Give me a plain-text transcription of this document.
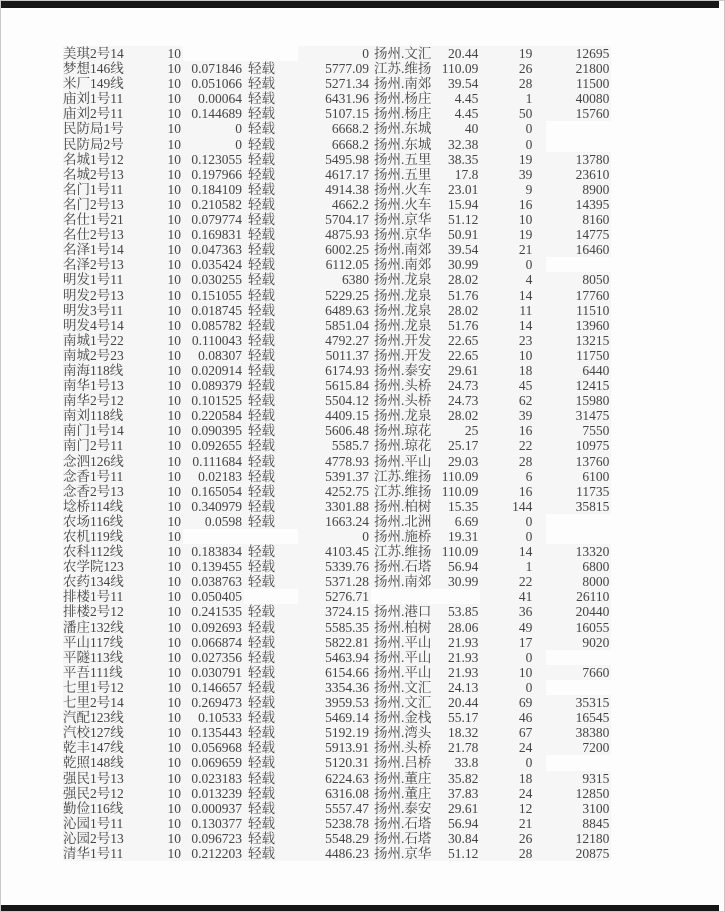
美琪2号14	10			0	扬州.文汇	20.44	19	12695
梦想146线	10	0.071846	轻载	5777.09	江苏.维扬	110.09	26	21800
米厂149线	10	0.051066	轻载	5271.34	扬州.南郊	39.54	28	11500
庙刘1号11	10	0.00064	轻载	6431.96	扬州.杨庄	4.45	1	40080
庙刘2号11	10	0.144689	轻载	5107.15	扬州.杨庄	4.45	50	15760
民防局1号	10	0	轻载	6668.2	扬州.东城	40	0	
民防局2号	10	0	轻载	6668.2	扬州.东城	32.38	0	
名城1号12	10	0.123055	轻载	5495.98	扬州.五里	38.35	19	13780
名城2号13	10	0.197966	轻载	4617.17	扬州.五里	17.8	39	23610
名门1号11	10	0.184109	轻载	4914.38	扬州.火车	23.01	9	8900
名门2号13	10	0.210582	轻载	4662.2	扬州.火车	15.94	16	14395
名仕1号21	10	0.079774	轻载	5704.17	扬州.京华	51.12	10	8160
名仕2号13	10	0.169831	轻载	4875.93	扬州.京华	50.91	19	14775
名泽1号14	10	0.047363	轻载	6002.25	扬州.南郊	39.54	21	16460
名泽2号13	10	0.035424	轻载	6112.05	扬州.南郊	30.99	0	
明发1号11	10	0.030255	轻载	6380	扬州.龙泉	28.02	4	8050
明发2号13	10	0.151055	轻载	5229.25	扬州.龙泉	51.76	14	17760
明发3号11	10	0.018745	轻载	6489.63	扬州.龙泉	28.02	11	11510
明发4号14	10	0.085782	轻载	5851.04	扬州.龙泉	51.76	14	13960
南城1号22	10	0.110043	轻载	4792.27	扬州.开发	22.65	23	13215
南城2号23	10	0.08307	轻载	5011.37	扬州.开发	22.65	10	11750
南海118线	10	0.020914	轻载	6174.93	扬州.泰安	29.61	18	6440
南华1号13	10	0.089379	轻载	5615.84	扬州.头桥	24.73	45	12415
南华2号12	10	0.101525	轻载	5504.12	扬州.头桥	24.73	62	15980
南刘118线	10	0.220584	轻载	4409.15	扬州.龙泉	28.02	39	31475
南门1号14	10	0.090395	轻载	5606.48	扬州.琼花	25	16	7550
南门2号11	10	0.092655	轻载	5585.7	扬州.琼花	25.17	22	10975
念泗126线	10	0.111684	轻载	4778.93	扬州.平山	29.03	28	13760
念香1号11	10	0.02183	轻载	5391.37	江苏.维扬	110.09	6	6100
念香2号13	10	0.165054	轻载	4252.75	江苏.维扬	110.09	16	11735
埝桥114线	10	0.340979	轻载	3301.88	扬州.柏树	15.35	144	35815
农场116线	10	0.0598	轻载	1663.24	扬州.北洲	6.69	0	
农机119线	10			0	扬州.施桥	19.31	0	
农科112线	10	0.183834	轻载	4103.45	江苏.维扬	110.09	14	13320
农学院123	10	0.139455	轻载	5339.76	扬州.石塔	56.94	1	6800
农药134线	10	0.038763	轻载	5371.28	扬州.南郊	30.99	22	8000
排楼1号11	10	0.050405		5276.71			41	26110
排楼2号12	10	0.241535	轻载	3724.15	扬州.港口	53.85	36	20440
潘庄132线	10	0.092693	轻载	5585.35	扬州.柏树	28.06	49	16055
平山117线	10	0.066874	轻载	5822.81	扬州.平山	21.93	17	9020
平隧113线	10	0.027356	轻载	5463.94	扬州.平山	21.93	0	
平吾111线	10	0.030791	轻载	6154.66	扬州.平山	21.93	10	7660
七里1号12	10	0.146657	轻载	3354.36	扬州.文汇	24.13	0	
七里2号14	10	0.269473	轻载	3959.53	扬州.文汇	20.44	69	35315
汽配123线	10	0.10533	轻载	5469.14	扬州.金栈	55.17	46	16545
汽校127线	10	0.135443	轻载	5192.19	扬州.湾头	18.32	67	38380
乾丰147线	10	0.056968	轻载	5913.91	扬州.头桥	21.78	24	7200
乾照148线	10	0.069659	轻载	5120.31	扬州.吕桥	33.8	0	
强民1号13	10	0.023183	轻载	6224.63	扬州.董庄	35.82	18	9315
强民2号12	10	0.013239	轻载	6316.08	扬州.董庄	37.83	24	12850
勤俭116线	10	0.000937	轻载	5557.47	扬州.泰安	29.61	12	3100
沁园1号11	10	0.130377	轻载	5238.78	扬州.石塔	56.94	21	8845
沁园2号13	10	0.096723	轻载	5548.29	扬州.石塔	30.84	26	12180
清华1号11	10	0.212203	轻载	4486.23	扬州.京华	51.12	28	20875
